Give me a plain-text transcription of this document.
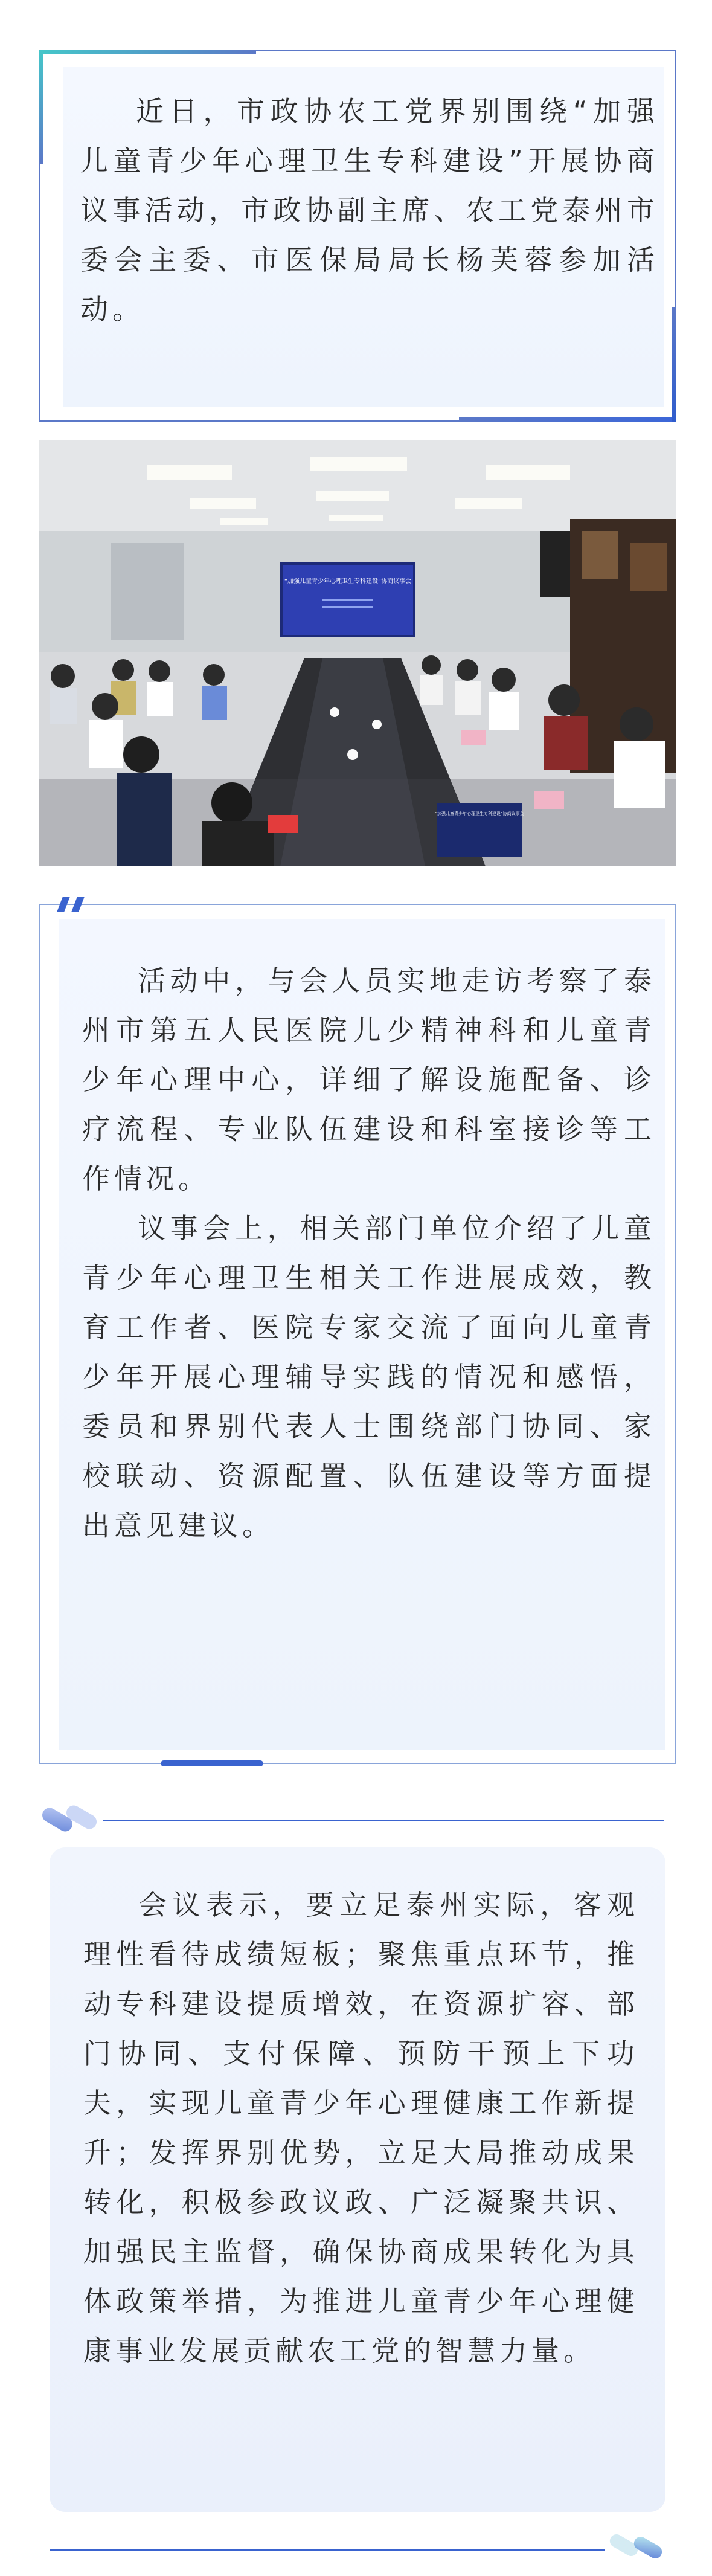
近日，市政协农工党界别围绕“加强儿童青少年心理卫生专科建设”开展协商议事活动，市政协副主席、农工党泰州市委会主委、市医保局局长杨芙蓉参加活动。

“加强儿童青少年心理卫生专科建设”协商议事会
“加强儿童青少年心理卫生专科建设”协商议事会

活动中，与会人员实地走访考察了泰州市第五人民医院儿少精神科和儿童青少年心理中心，详细了解设施配备、诊疗流程、专业队伍建设和科室接诊等工作情况。

议事会上，相关部门单位介绍了儿童青少年心理卫生相关工作进展成效，教育工作者、医院专家交流了面向儿童青少年开展心理辅导实践的情况和感悟，委员和界别代表人士围绕部门协同、家校联动、资源配置、队伍建设等方面提出意见建议。

会议表示，要立足泰州实际，客观理性看待成绩短板；聚焦重点环节，推动专科建设提质增效，在资源扩容、部门协同、支付保障、预防干预上下功夫，实现儿童青少年心理健康工作新提升；发挥界别优势，立足大局推动成果转化，积极参政议政、广泛凝聚共识、加强民主监督，确保协商成果转化为具体政策举措，为推进儿童青少年心理健康事业发展贡献农工党的智慧力量。
